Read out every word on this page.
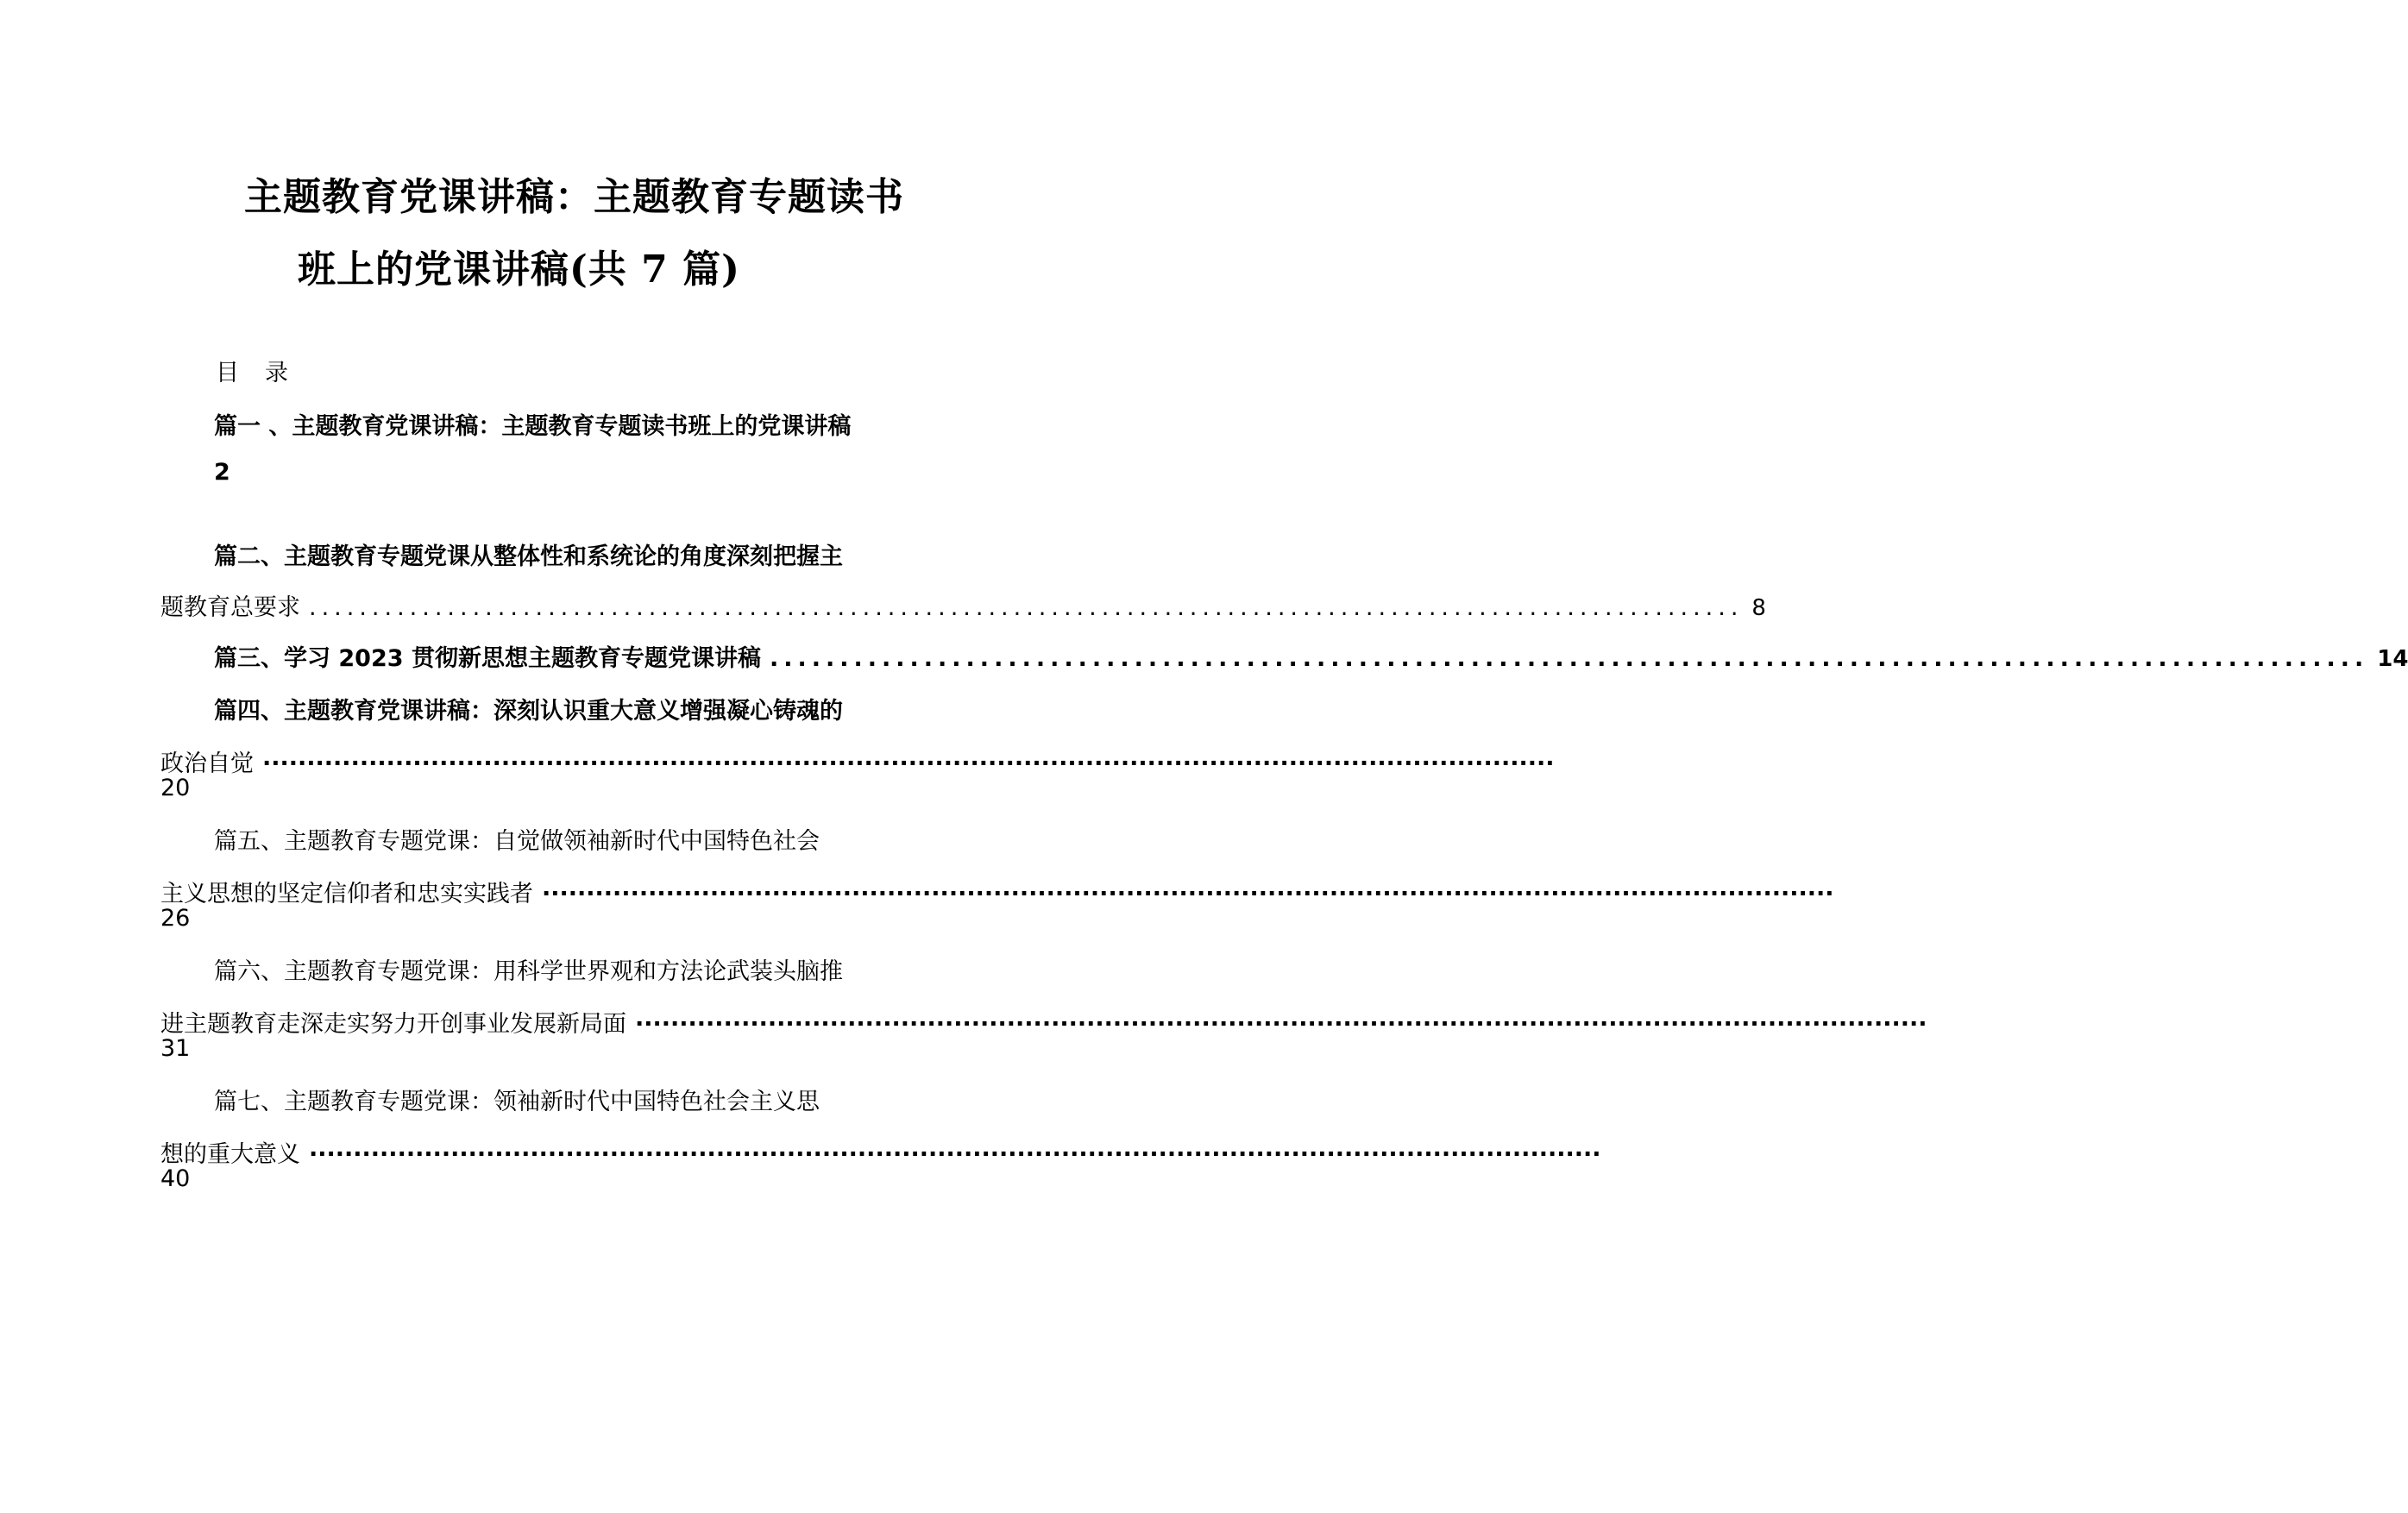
主题教育党课讲稿：主题教育专题读书
班上的党课讲稿(共 7 篇)
目录
篇一 、主题教育党课讲稿：主题教育专题读书班上的党课讲稿
2
篇二、主题教育专题党课从整体性和系统论的角度深刻把握主
题教育总要求 .................................................................................................................. 8
篇三、学习 2023 贯彻新思想主题教育专题党课讲稿 .................................................................................................................. 14
篇四、主题教育党课讲稿：深刻认识重大意义增强凝心铸魂的
政治自觉 ··················································································································································
20
篇五、主题教育专题党课：自觉做领袖新时代中国特色社会
主义思想的坚定信仰者和忠实实践者 ··················································································································································
26
篇六、主题教育专题党课：用科学世界观和方法论武装头脑推
进主题教育走深走实努力开创事业发展新局面 ··················································································································································
31
篇七、主题教育专题党课：领袖新时代中国特色社会主义思
想的重大意义 ··················································································································································
40
